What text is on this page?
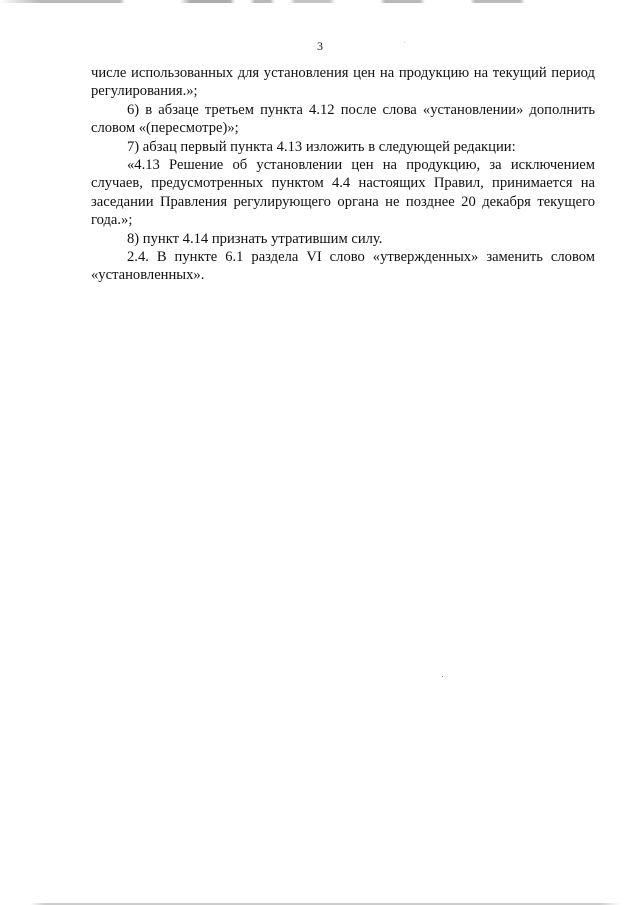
3

числе использованных для установления цен на продукцию на текущий период регулирования.»;

6) в абзаце третьем пункта 4.12 после слова «установлении» дополнить словом «(пересмотре)»;

7) абзац первый пункта 4.13 изложить в следующей редакции:

«4.13 Решение об установлении цен на продукцию, за исключением случаев, предусмотренных пунктом 4.4 настоящих Правил, принимается на заседании Правления регулирующего органа не позднее 20 декабря текущего года.»;

8) пункт 4.14 признать утратившим силу.

2.4. В пункте 6.1 раздела VI слово «утвержденных» заменить словом «установленных».
